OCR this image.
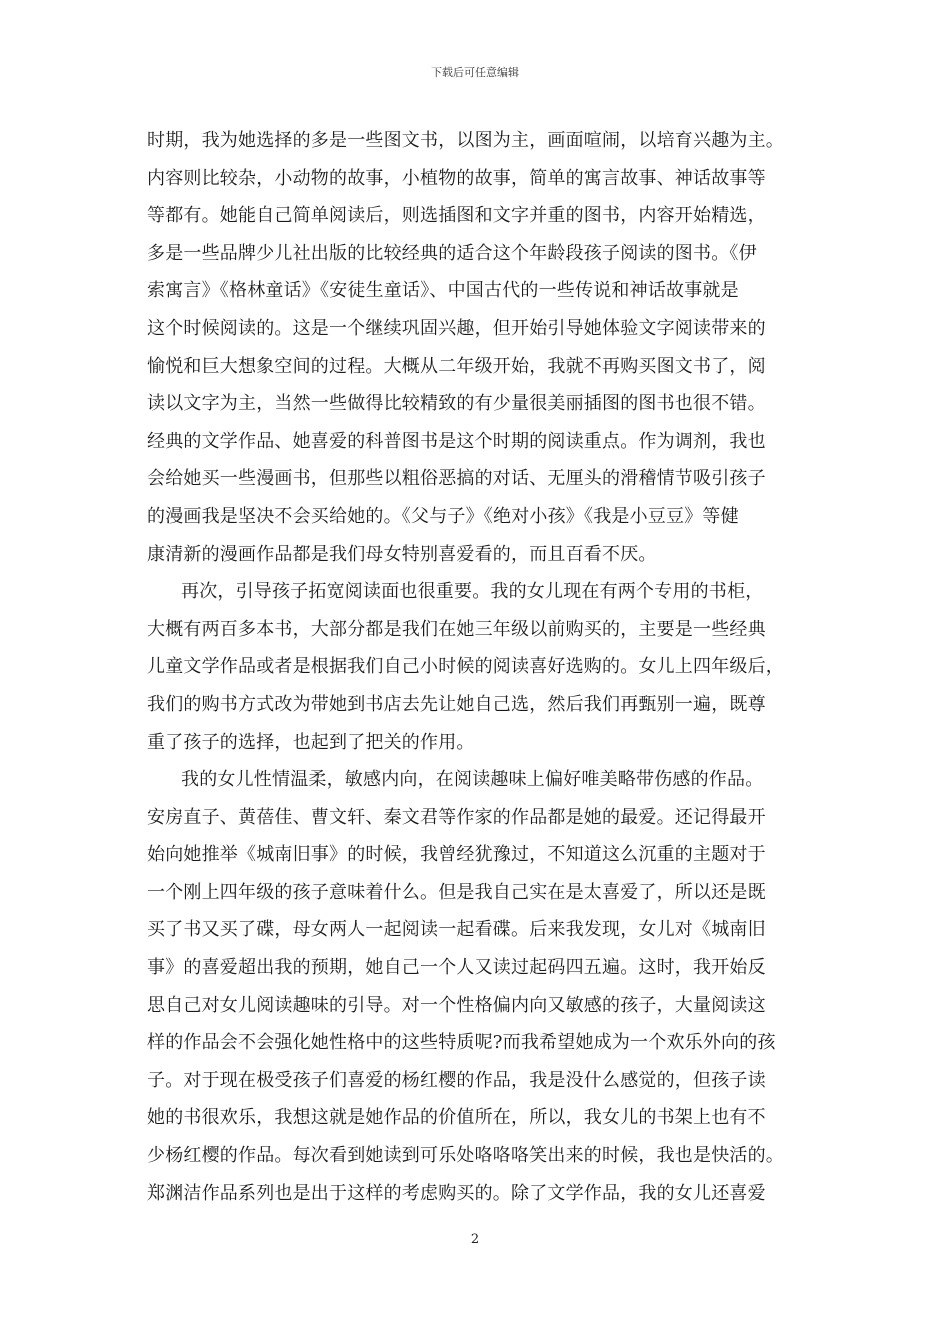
下载后可任意编辑
时期，我为她选择的多是一些图文书，以图为主，画面喧闹，以培育兴趣为主。
内容则比较杂，小动物的故事，小植物的故事，简单的寓言故事、神话故事等
等都有。她能自己简单阅读后，则选插图和文字并重的图书，内容开始精选，
多是一些品牌少儿社出版的比较经典的适合这个年龄段孩子阅读的图书。《伊
索寓言》《格林童话》《安徒生童话》、中国古代的一些传说和神话故事就是
这个时候阅读的。这是一个继续巩固兴趣，但开始引导她体验文字阅读带来的
愉悦和巨大想象空间的过程。大概从二年级开始，我就不再购买图文书了，阅
读以文字为主，当然一些做得比较精致的有少量很美丽插图的图书也很不错。
经典的文学作品、她喜爱的科普图书是这个时期的阅读重点。作为调剂，我也
会给她买一些漫画书，但那些以粗俗恶搞的对话、无厘头的滑稽情节吸引孩子
的漫画我是坚决不会买给她的。《父与子》《绝对小孩》《我是小豆豆》等健
康清新的漫画作品都是我们母女特别喜爱看的，而且百看不厌。
再次，引导孩子拓宽阅读面也很重要。我的女儿现在有两个专用的书柜，
大概有两百多本书，大部分都是我们在她三年级以前购买的，主要是一些经典
儿童文学作品或者是根据我们自己小时候的阅读喜好选购的。女儿上四年级后，
我们的购书方式改为带她到书店去先让她自己选，然后我们再甄别一遍，既尊
重了孩子的选择，也起到了把关的作用。
我的女儿性情温柔，敏感内向，在阅读趣味上偏好唯美略带伤感的作品。
安房直子、黄蓓佳、曹文轩、秦文君等作家的作品都是她的最爱。还记得最开
始向她推举《城南旧事》的时候，我曾经犹豫过，不知道这么沉重的主题对于
一个刚上四年级的孩子意味着什么。但是我自己实在是太喜爱了，所以还是既
买了书又买了碟，母女两人一起阅读一起看碟。后来我发现，女儿对《城南旧
事》的喜爱超出我的预期，她自己一个人又读过起码四五遍。这时，我开始反
思自己对女儿阅读趣味的引导。对一个性格偏内向又敏感的孩子，大量阅读这
样的作品会不会强化她性格中的这些特质呢?而我希望她成为一个欢乐外向的孩
子。对于现在极受孩子们喜爱的杨红樱的作品，我是没什么感觉的，但孩子读
她的书很欢乐，我想这就是她作品的价值所在，所以，我女儿的书架上也有不
少杨红樱的作品。每次看到她读到可乐处咯咯咯笑出来的时候，我也是快活的。
郑渊洁作品系列也是出于这样的考虑购买的。除了文学作品，我的女儿还喜爱
2
